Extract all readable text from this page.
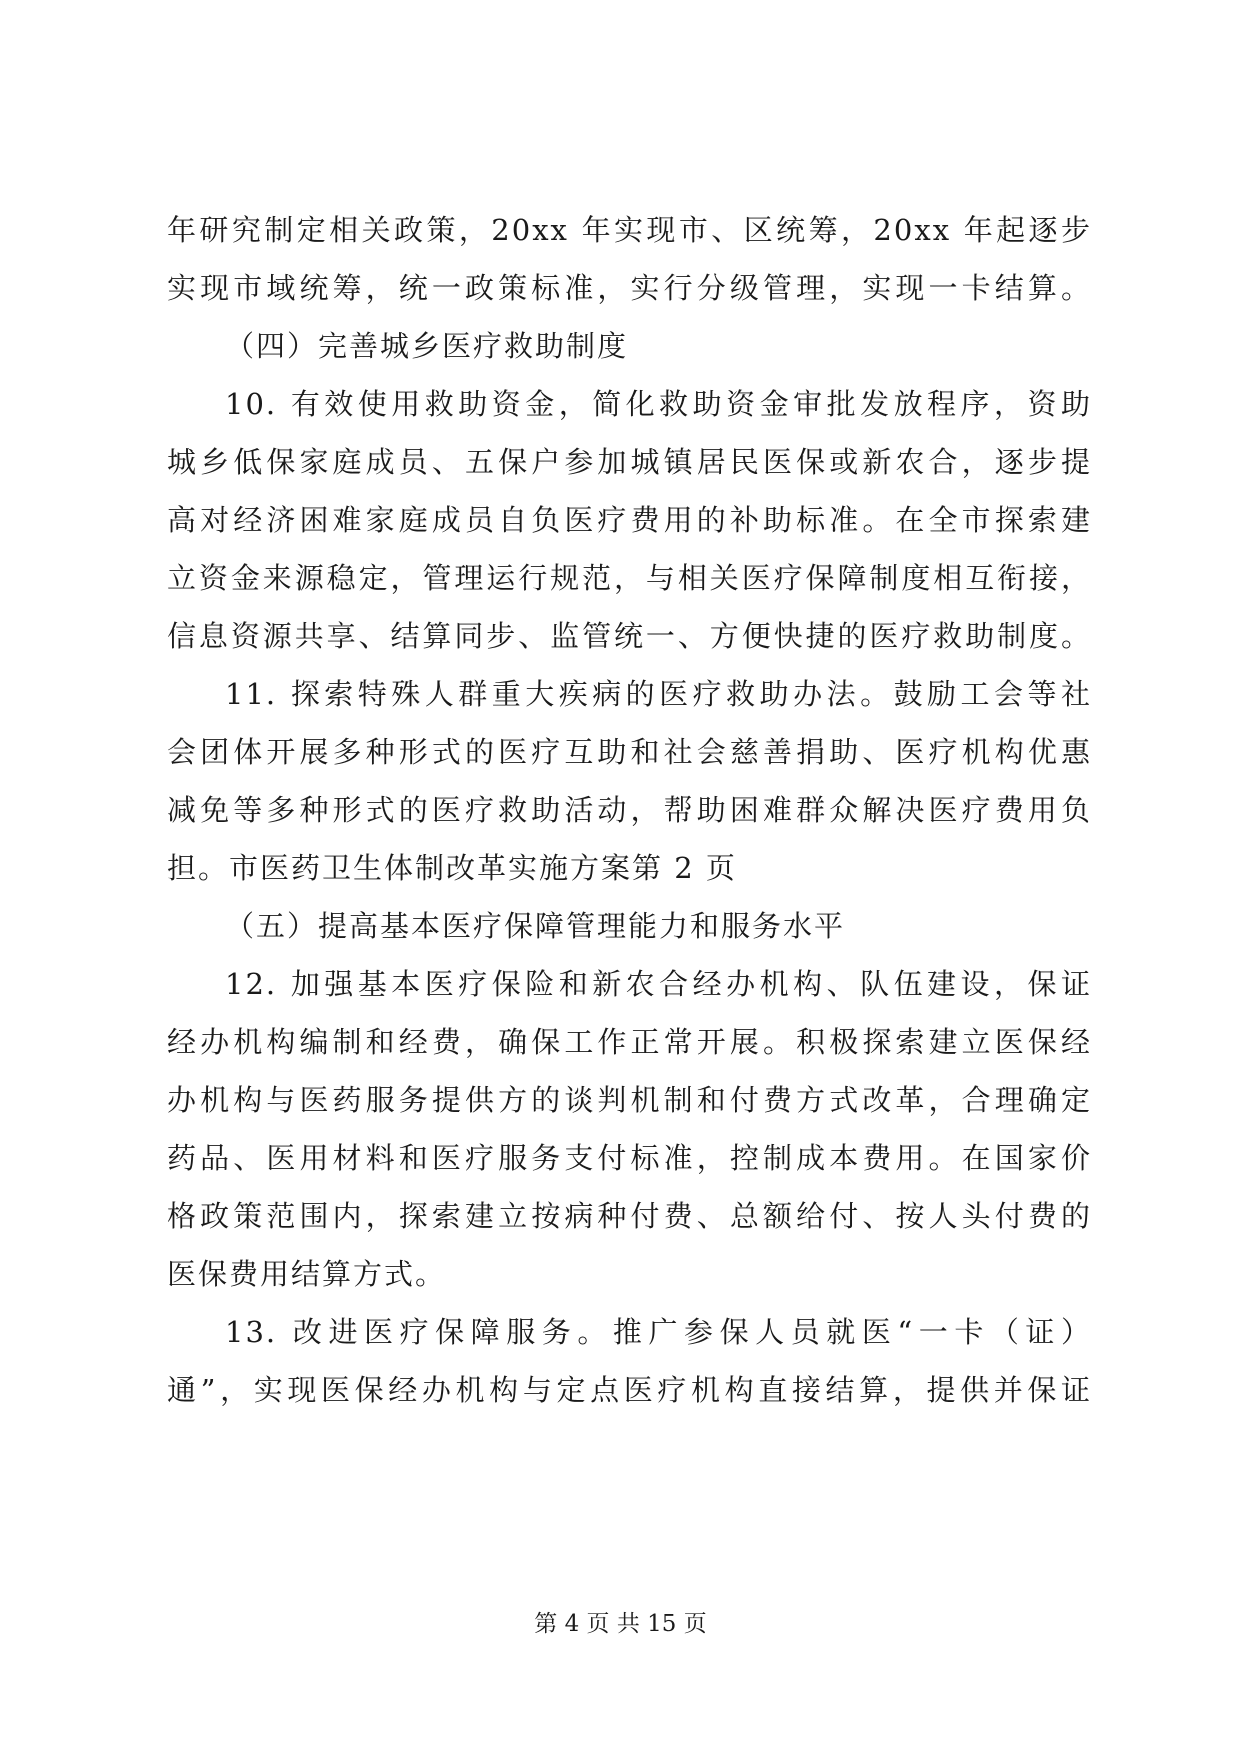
年研究制定相关政策，20xx 年实现市、区统筹，20xx 年起逐步
实现市域统筹，统一政策标准，实行分级管理，实现一卡结算。
（四）完善城乡医疗救助制度
10. 有效使用救助资金，简化救助资金审批发放程序，资助
城乡低保家庭成员、五保户参加城镇居民医保或新农合，逐步提
高对经济困难家庭成员自负医疗费用的补助标准。在全市探索建
立资金来源稳定，管理运行规范，与相关医疗保障制度相互衔接，
信息资源共享、结算同步、监管统一、方便快捷的医疗救助制度。
11. 探索特殊人群重大疾病的医疗救助办法。鼓励工会等社
会团体开展多种形式的医疗互助和社会慈善捐助、医疗机构优惠
减免等多种形式的医疗救助活动，帮助困难群众解决医疗费用负
担。市医药卫生体制改革实施方案第 2 页
（五）提高基本医疗保障管理能力和服务水平
12. 加强基本医疗保险和新农合经办机构、队伍建设，保证
经办机构编制和经费，确保工作正常开展。积极探索建立医保经
办机构与医药服务提供方的谈判机制和付费方式改革，合理确定
药品、医用材料和医疗服务支付标准，控制成本费用。在国家价
格政策范围内，探索建立按病种付费、总额给付、按人头付费的
医保费用结算方式。
13. 改进医疗保障服务。推广参保人员就医“一卡（证）
通”，实现医保经办机构与定点医疗机构直接结算，提供并保证
第 4 页 共 15 页
